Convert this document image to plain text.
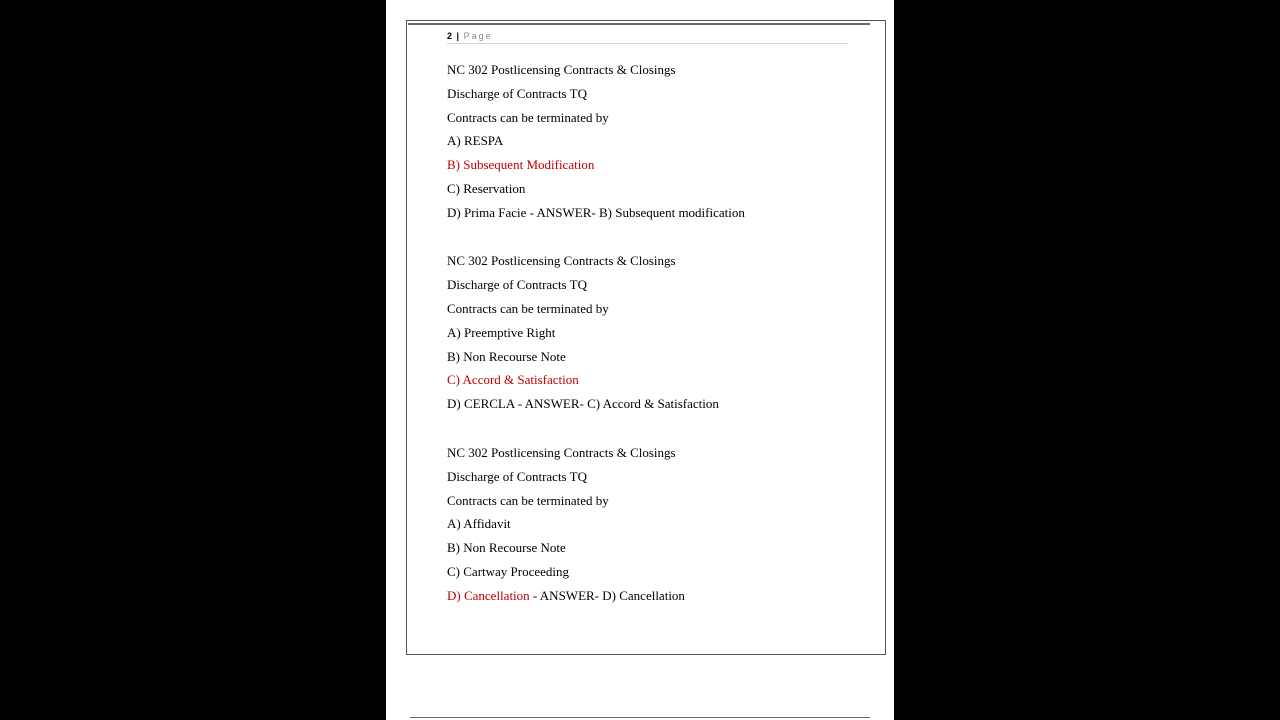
2 | Page
NC 302 Postlicensing Contracts & Closings
Discharge of Contracts TQ
Contracts can be terminated by
A) RESPA
B) Subsequent Modification
C) Reservation
D) Prima Facie - ANSWER- B) Subsequent modification
NC 302 Postlicensing Contracts & Closings
Discharge of Contracts TQ
Contracts can be terminated by
A) Preemptive Right
B) Non Recourse Note
C) Accord & Satisfaction
D) CERCLA - ANSWER- C) Accord & Satisfaction
NC 302 Postlicensing Contracts & Closings
Discharge of Contracts TQ
Contracts can be terminated by
A) Affidavit
B) Non Recourse Note
C) Cartway Proceeding
D) Cancellation - ANSWER- D) Cancellation
